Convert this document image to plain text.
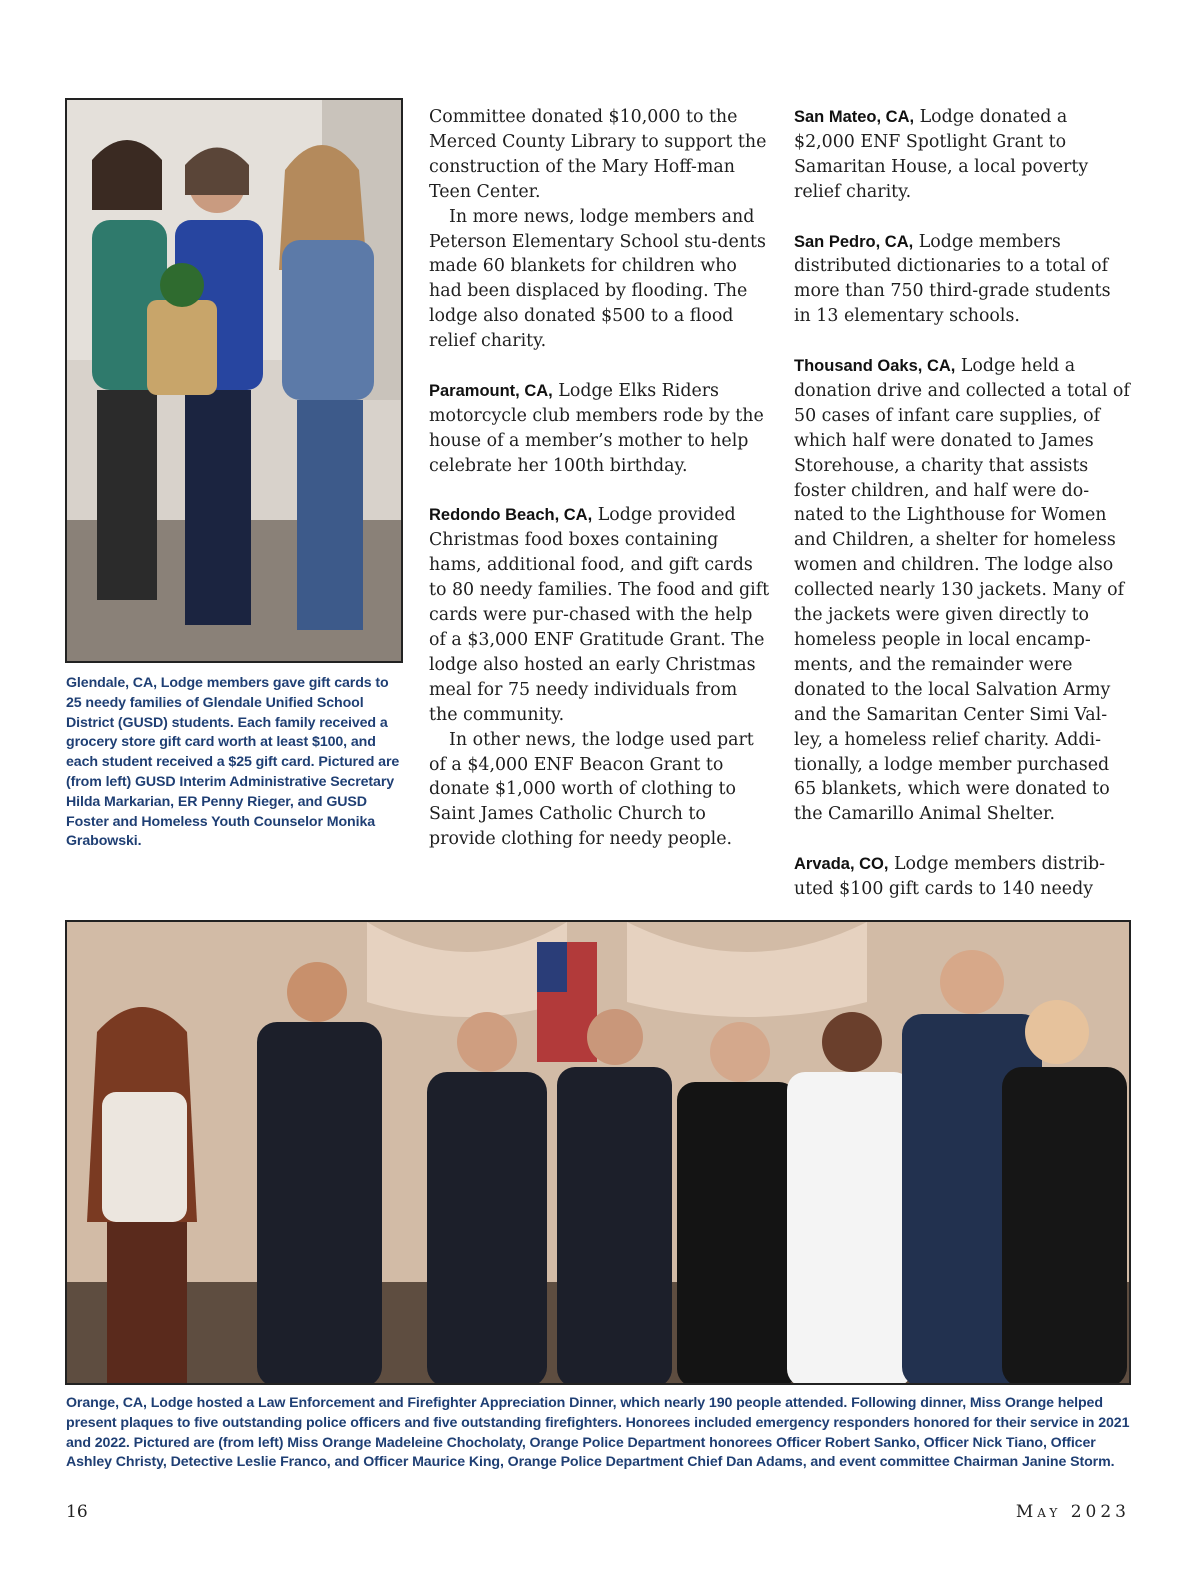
Glendale, CA, Lodge members gave gift cards to 25 needy families of Glendale Unified School District (GUSD) students. Each family received a grocery store gift card worth at least $100, and each student received a $25 gift card. Pictured are (from left) GUSD Interim Administrative Secretary Hilda Markarian, ER Penny Rieger, and GUSD Foster and Homeless Youth Counselor Monika Grabowski.

Committee donated $10,000 to the Merced County Library to support the construction of the Mary Hoff-man Teen Center.

In more news, lodge members and Peterson Elementary School stu-dents made 60 blankets for children who had been displaced by flooding. The lodge also donated $500 to a flood relief charity.

Paramount, CA, Lodge Elks Riders motorcycle club members rode by the house of a member’s mother to help celebrate her 100th birthday.

Redondo Beach, CA, Lodge provided Christmas food boxes containing hams, additional food, and gift cards to 80 needy families. The food and gift cards were pur-chased with the help of a $3,000 ENF Gratitude Grant. The lodge also hosted an early Christmas meal for 75 needy individuals from the community.

In other news, the lodge used part of a $4,000 ENF Beacon Grant to donate $1,000 worth of clothing to Saint James Catholic Church to provide clothing for needy people.

San Mateo, CA, Lodge donated a $2,000 ENF Spotlight Grant to Samaritan House, a local poverty relief charity.

San Pedro, CA, Lodge members distributed dictionaries to a total of more than 750 third-grade students in 13 elementary schools.

Thousand Oaks, CA, Lodge held a donation drive and collected a total of 50 cases of infant care supplies, of which half were donated to James Storehouse, a charity that assists foster children, and half were do-nated to the Lighthouse for Women and Children, a shelter for homeless women and children. The lodge also collected nearly 130 jackets. Many of the jackets were given directly to homeless people in local encamp-ments, and the remainder were donated to the local Salvation Army and the Samaritan Center Simi Val-ley, a homeless relief charity. Addi-tionally, a lodge member purchased 65 blankets, which were donated to the Camarillo Animal Shelter.

Arvada, CO, Lodge members distrib-uted $100 gift cards to 140 needy

Orange, CA, Lodge hosted a Law Enforcement and Firefighter Appreciation Dinner, which nearly 190 people attended. Following dinner, Miss Orange helped present plaques to five outstanding police officers and five outstanding firefighters. Honorees included emergency responders honored for their service in 2021 and 2022. Pictured are (from left) Miss Orange Madeleine Chocholaty, Orange Police Department honorees Officer Robert Sanko, Officer Nick Tiano, Officer Ashley Christy, Detective Leslie Franco, and Officer Maurice King, Orange Police Department Chief Dan Adams, and event committee Chairman Janine Storm.
16	May 2023
